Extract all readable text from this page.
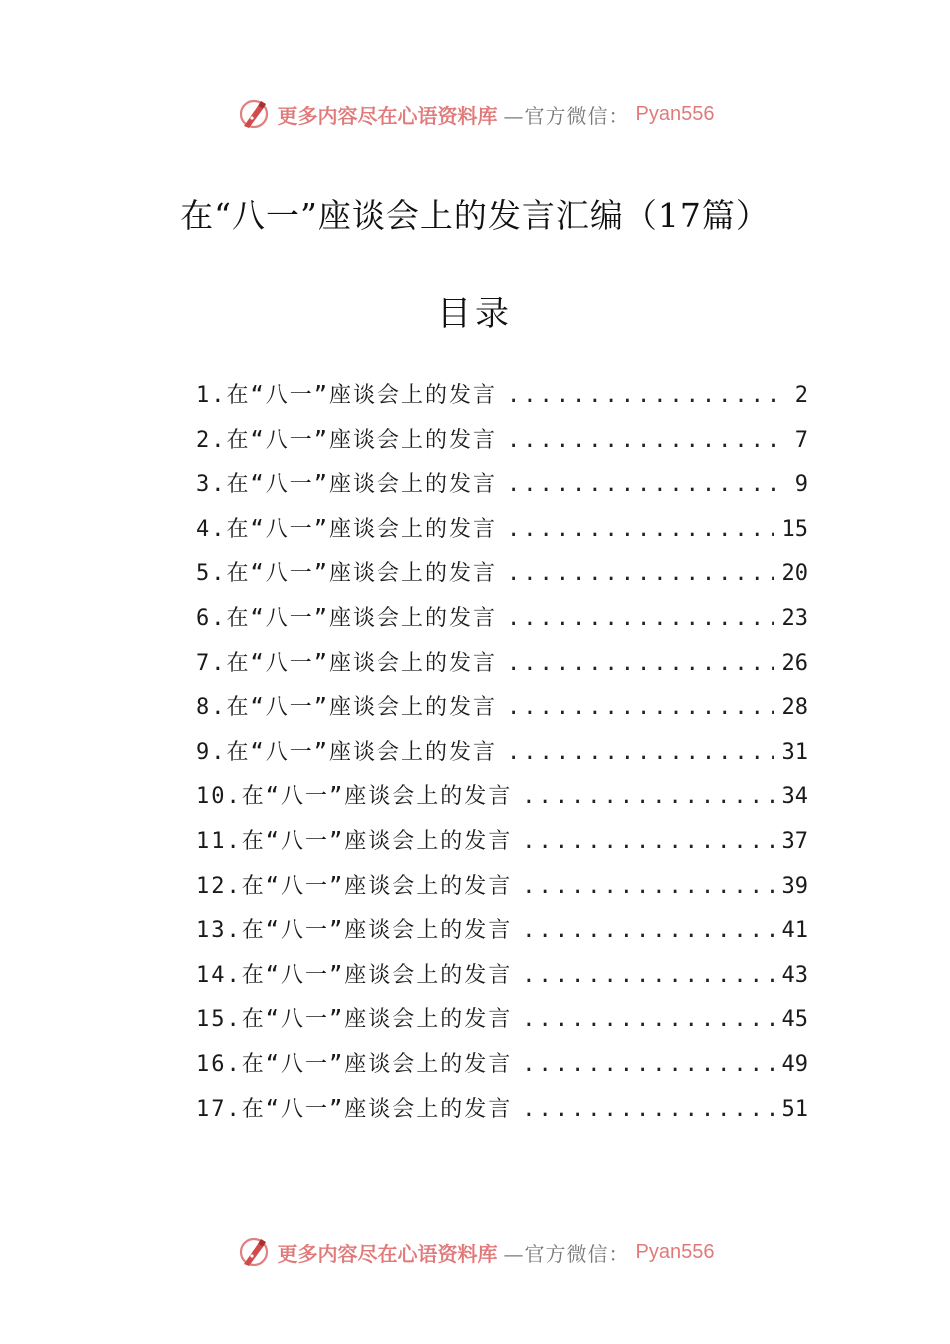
更多内容尽在心语资料库 —官方微信： Pyan556
在“八一”座谈会上的发言汇编（17篇）
目录
1.在“八一”座谈会上的发言 .....	2
2.在“八一”座谈会上的发言 .....	7
3.在“八一”座谈会上的发言 .....	9
4.在“八一”座谈会上的发言 .....	15
5.在“八一”座谈会上的发言 .....	20
6.在“八一”座谈会上的发言 .....	23
7.在“八一”座谈会上的发言 .....	26
8.在“八一”座谈会上的发言 .....	28
9.在“八一”座谈会上的发言 .....	31
10.在“八一”座谈会上的发言 .....	34
11.在“八一”座谈会上的发言 .....	37
12.在“八一”座谈会上的发言 .....	39
13.在“八一”座谈会上的发言 .....	41
14.在“八一”座谈会上的发言 .....	43
15.在“八一”座谈会上的发言 .....	45
16.在“八一”座谈会上的发言 .....	49
17.在“八一”座谈会上的发言 .....	51
更多内容尽在心语资料库 —官方微信： Pyan556
